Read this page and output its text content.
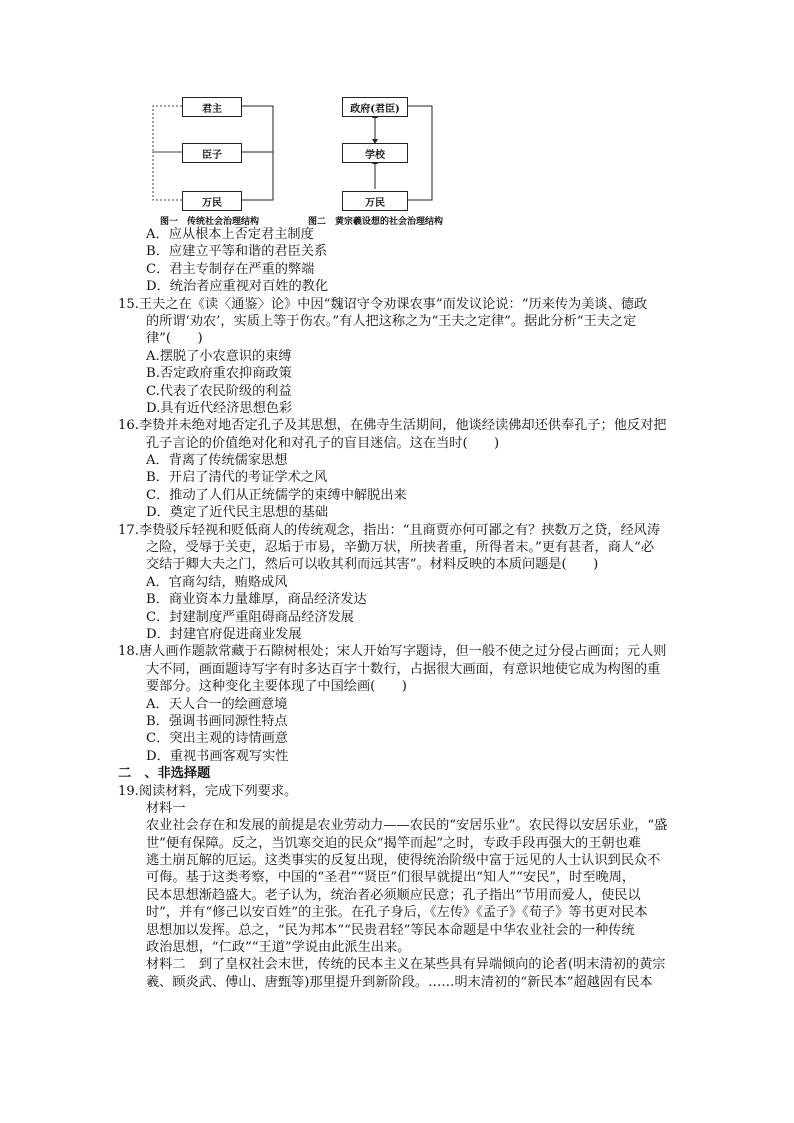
君主
臣子
万民
政府(君臣)
学校
万民
图一　传统社会治理结构	图二　黄宗羲设想的社会治理结构
A．应从根本上否定君主制度
B．应建立平等和谐的君臣关系
C．君主专制存在严重的弊端
D．统治者应重视对百姓的教化
15.王夫之在《读〈通鉴〉论》中因“魏诏守令劝课农事”而发议论说：“历来传为美谈、德政
的所谓‘劝农’，实质上等于伤农。”有人把这称之为“王夫之定律”。据此分析“王夫之定
律”(　　)
A.摆脱了小农意识的束缚
B.否定政府重农抑商政策
C.代表了农民阶级的利益
D.具有近代经济思想色彩
16.李贽并未绝对地否定孔子及其思想，在佛寺生活期间，他谈经读佛却还供奉孔子；他反对把
孔子言论的价值绝对化和对孔子的盲目迷信。这在当时(　　)
A．背离了传统儒家思想
B．开启了清代的考证学术之风
C．推动了人们从正统儒学的束缚中解脱出来
D．奠定了近代民主思想的基础
17.李贽驳斥轻视和贬低商人的传统观念，指出：“且商贾亦何可鄙之有？挟数万之贷，经风涛
之险，受辱于关吏，忍垢于市易，辛勤万状，所挟者重，所得者末。”更有甚者，商人“必
交结于卿大夫之门，然后可以收其利而远其害”。材料反映的本质问题是(　　)
A．官商勾结，贿赂成风
B．商业资本力量雄厚，商品经济发达
C．封建制度严重阻碍商品经济发展
D．封建官府促进商业发展
18.唐人画作题款常藏于石隙树根处；宋人开始写字题诗，但一般不使之过分侵占画面；元人则
大不同，画面题诗写字有时多达百字十数行，占据很大画面，有意识地使它成为构图的重
要部分。这种变化主要体现了中国绘画(　　)
A．天人合一的绘画意境
B．强调书画同源性特点
C．突出主观的诗情画意
D．重视书画客观写实性
二　、非选择题
19.阅读材料，完成下列要求。
材料一
农业社会存在和发展的前提是农业劳动力——农民的“安居乐业”。农民得以安居乐业，“盛
世”便有保障。反之，当饥寒交迫的民众“揭竿而起”之时，专政手段再强大的王朝也难
逃土崩瓦解的厄运。这类事实的反复出现，使得统治阶级中富于远见的人士认识到民众不
可侮。基于这类考察，中国的“圣君”“贤臣”们很早就提出“知人”“安民”，时至晚周，
民本思想渐趋盛大。老子认为，统治者必须顺应民意；孔子指出“节用而爱人，使民以
时”，并有“修己以安百姓”的主张。在孔子身后，《左传》《孟子》《荀子》等书更对民本
思想加以发挥。总之，“民为邦本”“民贵君轻”等民本命题是中华农业社会的一种传统
政治思想，“仁政”“王道”学说由此派生出来。
材料二　到了皇权社会末世，传统的民本主义在某些具有异端倾向的论者(明末清初的黄宗
羲、顾炎武、傅山、唐甄等)那里提升到新阶段。……明末清初的“新民本”超越固有民本
